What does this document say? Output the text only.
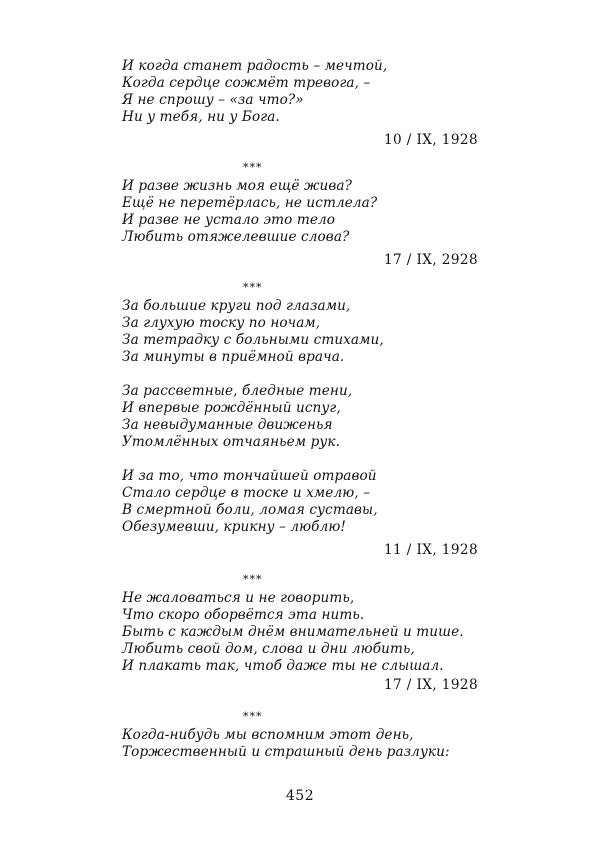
И когда станет радость – мечтой,
Когда сердце сожмёт тревога, –
Я не спрошу – «за что?»
Ни у тебя, ни у Бога.
10 / IX, 1928
***
И разве жизнь моя ещё жива?
Ещё не перетёрлась, не истлела?
И разве не устало это тело
Любить отяжелевшие слова?
17 / IX, 2928
***
За большие круги под глазами,
За глухую тоску по ночам,
За тетрадку с больными стихами,
За минуты в приёмной врача.
За рассветные, бледные тени,
И впервые рождённый испуг,
За невыдуманные движенья
Утомлённых отчаяньем рук.
И за то, что тончайшей отравой
Стало сердце в тоске и хмелю, –
В смертной боли, ломая суставы,
Обезумевши, крикну – люблю!
11 / IX, 1928
***
Не жаловаться и не говорить,
Что скоро оборвётся эта нить.
Быть с каждым днём внимательней и тише.
Любить свой дом, слова и дни любить,
И плакать так, чтоб даже ты не слышал.
17 / IX, 1928
***
Когда-нибудь мы вспомним этот день,
Торжественный и страшный день разлуки:
452
